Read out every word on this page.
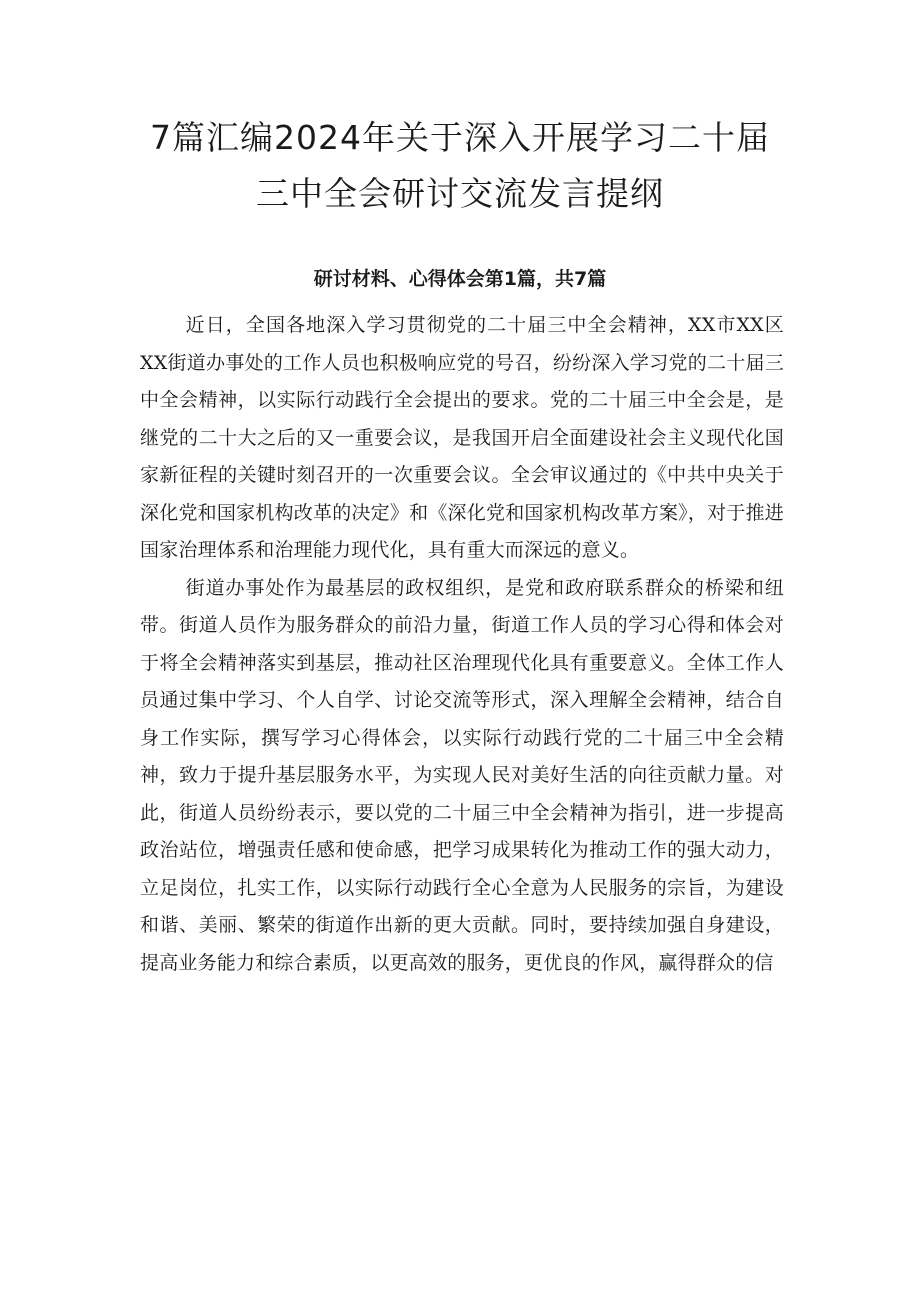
7篇汇编2024年关于深入开展学习二十届
三中全会研讨交流发言提纲
研讨材料、心得体会第1篇，共7篇

近日，全国各地深入学习贯彻党的二十届三中全会精神，XX市XX区XX街道办事处的工作人员也积极响应党的号召，纷纷深入学习党的二十届三中全会精神，以实际行动践行全会提出的要求。党的二十届三中全会是，是继党的二十大之后的又一重要会议，是我国开启全面建设社会主义现代化国家新征程的关键时刻召开的一次重要会议。全会审议通过的《中共中央关于深化党和国家机构改革的决定》和《深化党和国家机构改革方案》，对于推进国家治理体系和治理能力现代化，具有重大而深远的意义。

街道办事处作为最基层的政权组织，是党和政府联系群众的桥梁和纽带。街道人员作为服务群众的前沿力量，街道工作人员的学习心得和体会对于将全会精神落实到基层，推动社区治理现代化具有重要意义。全体工作人员通过集中学习、个人自学、讨论交流等形式，深入理解全会精神，结合自身工作实际，撰写学习心得体会，以实际行动践行党的二十届三中全会精神，致力于提升基层服务水平，为实现人民对美好生活的向往贡献力量。对此，街道人员纷纷表示，要以党的二十届三中全会精神为指引，进一步提高政治站位，增强责任感和使命感，把学习成果转化为推动工作的强大动力，立足岗位，扎实工作，以实际行动践行全心全意为人民服务的宗旨，为建设和谐、美丽、繁荣的街道作出新的更大贡献。同时，要持续加强自身建设，提高业务能力和综合素质，以更高效的服务，更优良的作风，赢得群众的信
